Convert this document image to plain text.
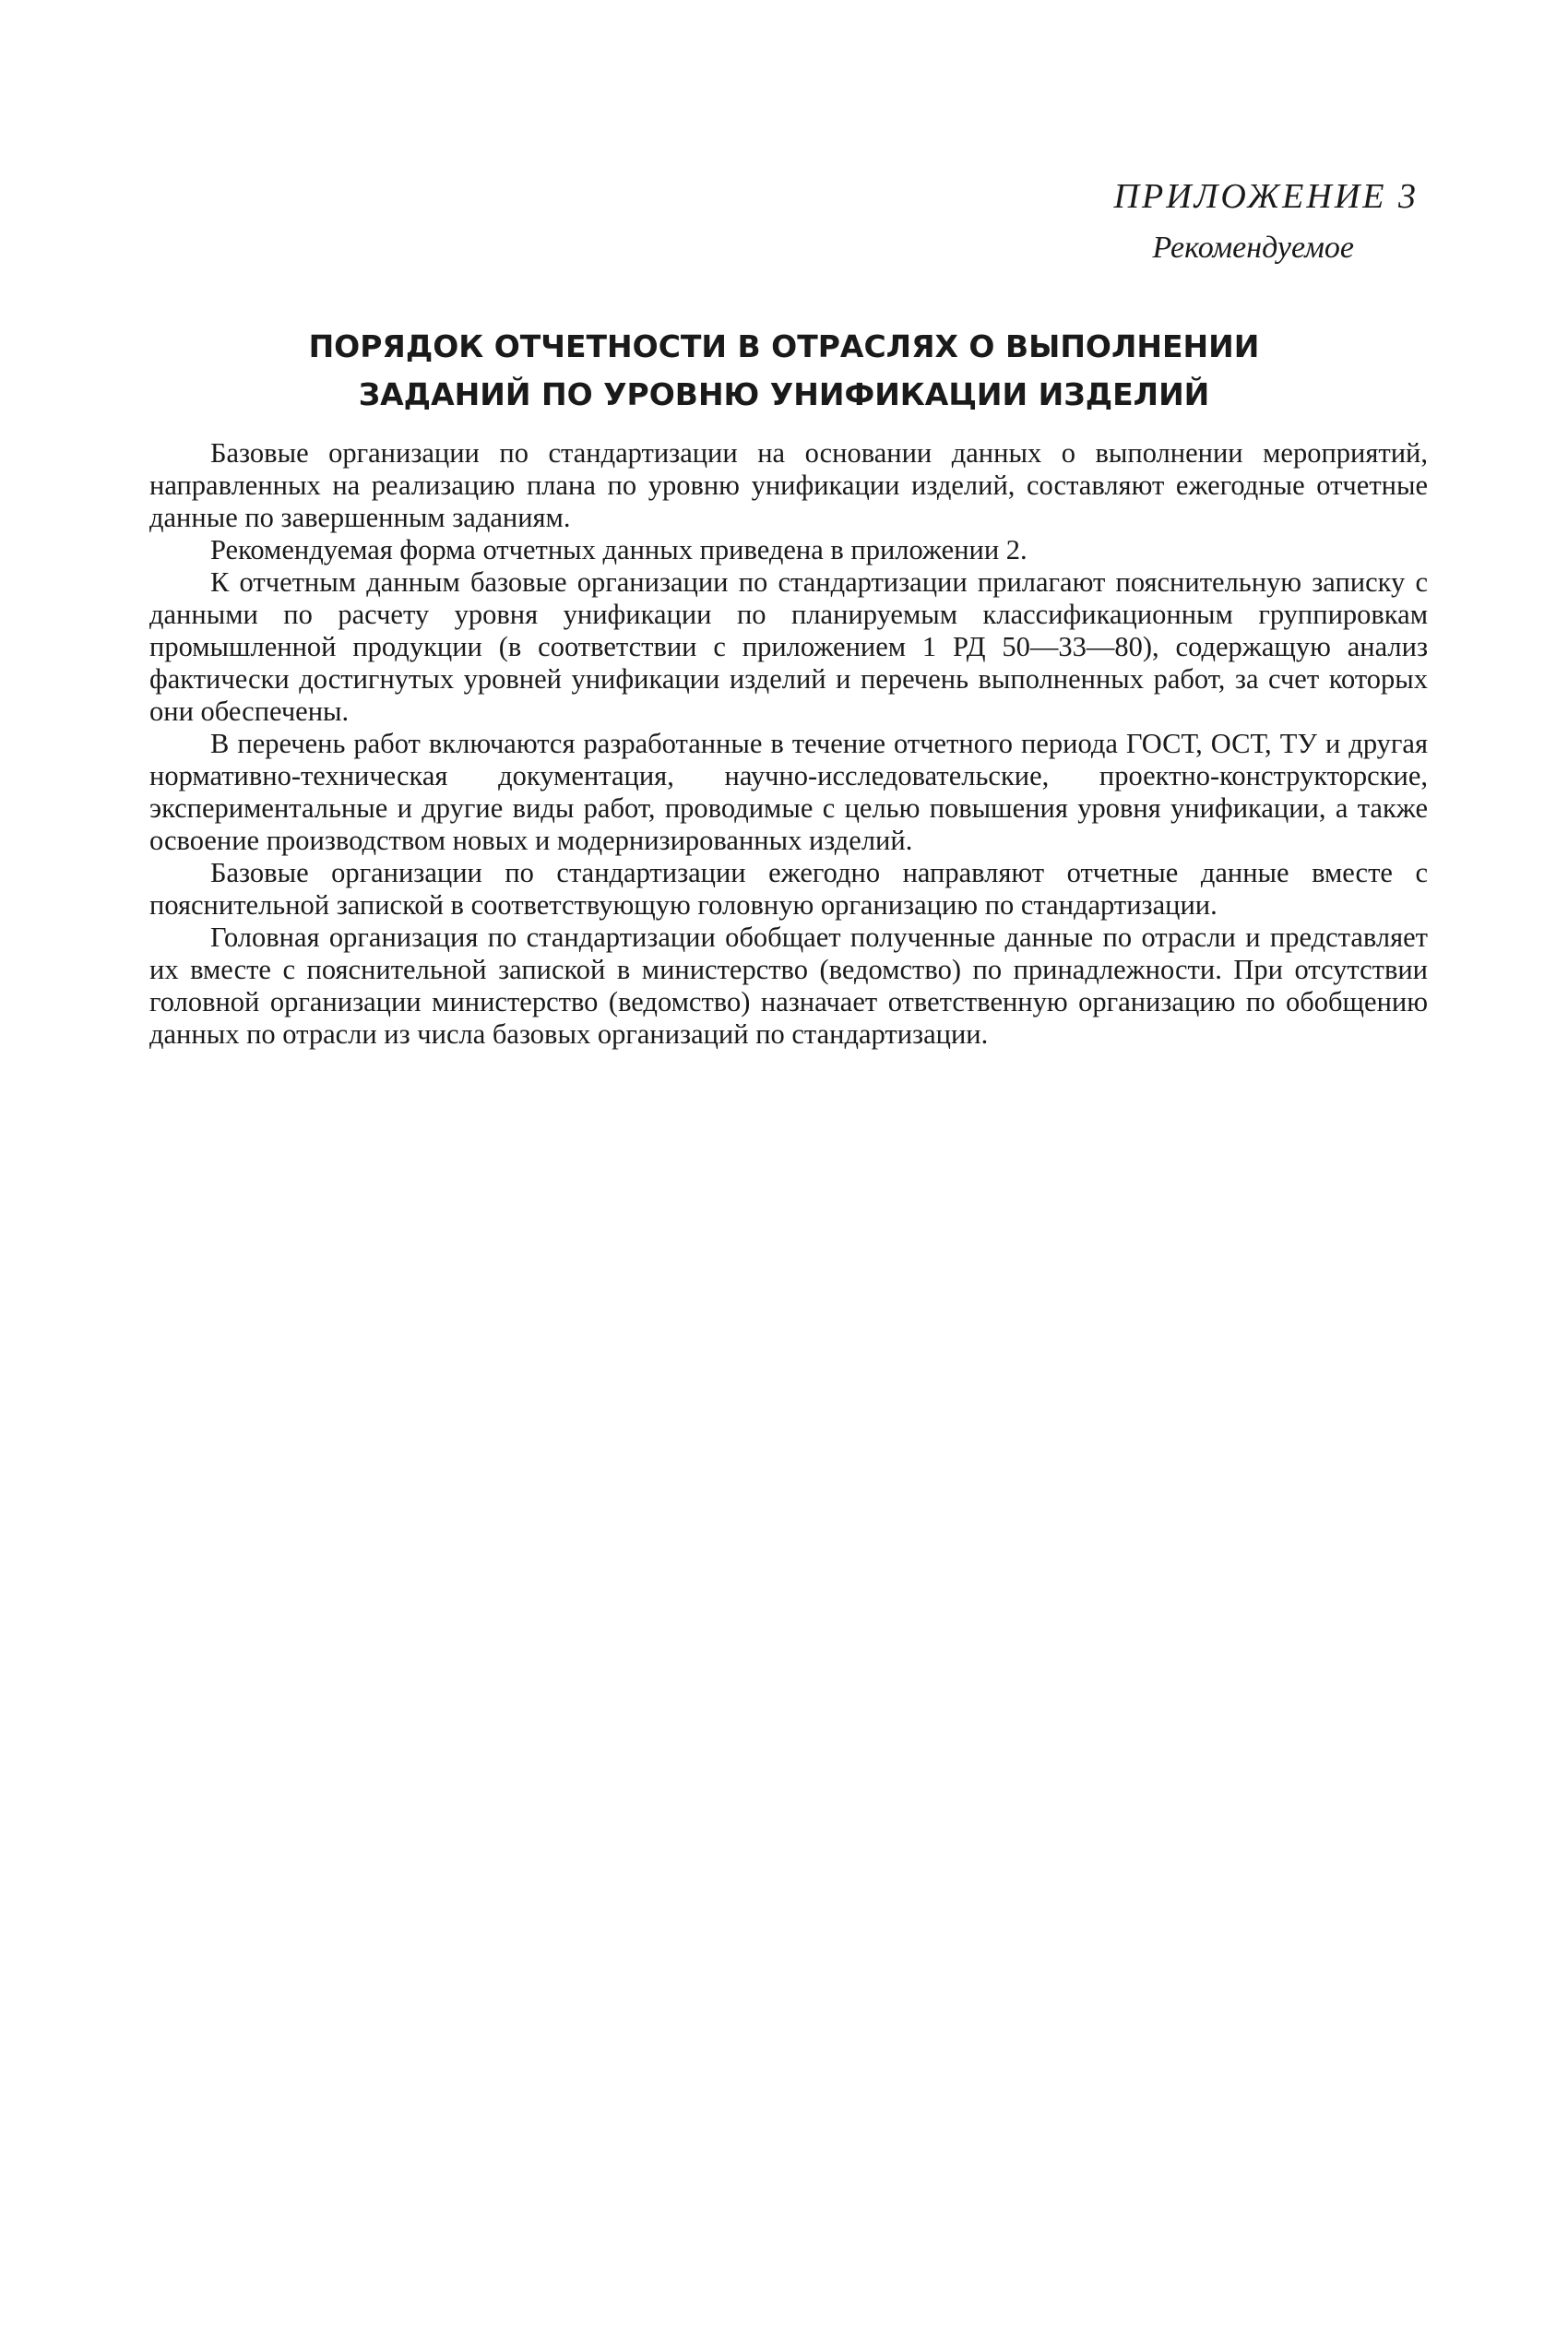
ПРИЛОЖЕНИЕ 3
Рекомендуемое
ПОРЯДОК ОТЧЕТНОСТИ В ОТРАСЛЯХ О ВЫПОЛНЕНИИ
ЗАДАНИЙ ПО УРОВНЮ УНИФИКАЦИИ ИЗДЕЛИЙ

Базовые организации по стандартизации на основании данных о выполнении мероприятий, направленных на реализацию плана по уровню унификации изделий, составляют ежегодные отчетные данные по завершенным заданиям.

Рекомендуемая форма отчетных данных приведена в приложении 2.

К отчетным данным базовые организации по стандартизации прилагают пояснительную записку с данными по расчету уровня унификации по планируемым классификационным группировкам промышленной продукции (в соответствии с приложением 1 РД 50—33—80), содержащую анализ фактически достигнутых уровней унификации изделий и перечень выполненных работ, за счет которых они обеспечены.

В перечень работ включаются разработанные в течение отчетного периода ГОСТ, ОСТ, ТУ и другая нормативно-техническая документация, научно-исследовательские, проектно-конструкторские, экспериментальные и другие виды работ, проводимые с целью повышения уровня унификации, а также освоение производством новых и модернизированных изделий.

Базовые организации по стандартизации ежегодно направляют отчетные данные вместе с пояснительной запиской в соответствующую головную организацию по стандартизации.

Головная организация по стандартизации обобщает полученные данные по отрасли и представляет их вместе с пояснительной запиской в министерство (ведомство) по принадлежности. При отсутствии головной организации министерство (ведомство) назначает ответственную организацию по обобщению данных по отрасли из числа базовых организаций по стандартизации.
